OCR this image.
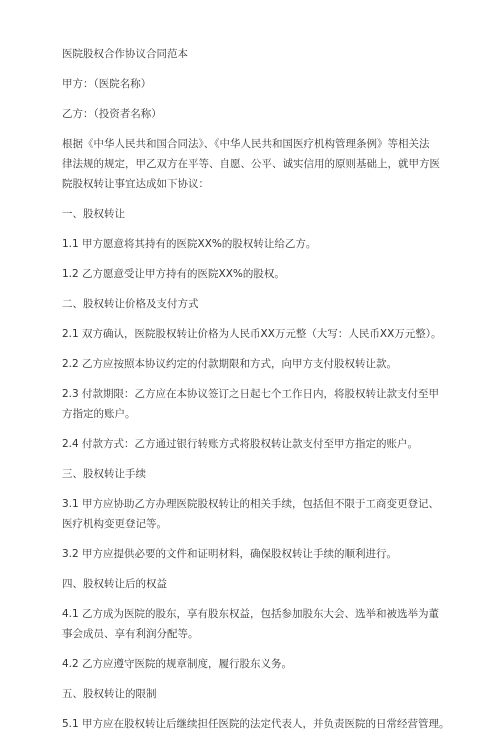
医院股权合作协议合同范本

甲方：（医院名称）

乙方：（投资者名称）

根据《中华人民共和国合同法》、《中华人民共和国医疗机构管理条例》等相关法
律法规的规定，甲乙双方在平等、自愿、公平、诚实信用的原则基础上，就甲方医
院股权转让事宜达成如下协议：

一、股权转让

1.1 甲方愿意将其持有的医院XX%的股权转让给乙方。

1.2 乙方愿意受让甲方持有的医院XX%的股权。

二、股权转让价格及支付方式

2.1 双方确认，医院股权转让价格为人民币XX万元整（大写：人民币XX万元整）。

2.2 乙方应按照本协议约定的付款期限和方式，向甲方支付股权转让款。

2.3 付款期限：乙方应在本协议签订之日起七个工作日内，将股权转让款支付至甲
方指定的账户。

2.4 付款方式：乙方通过银行转账方式将股权转让款支付至甲方指定的账户。

三、股权转让手续

3.1 甲方应协助乙方办理医院股权转让的相关手续，包括但不限于工商变更登记、
医疗机构变更登记等。

3.2 甲方应提供必要的文件和证明材料，确保股权转让手续的顺利进行。

四、股权转让后的权益

4.1 乙方成为医院的股东，享有股东权益，包括参加股东大会、选举和被选举为董
事会成员、享有利润分配等。

4.2 乙方应遵守医院的规章制度，履行股东义务。

五、股权转让的限制

5.1 甲方应在股权转让后继续担任医院的法定代表人，并负责医院的日常经营管理。
